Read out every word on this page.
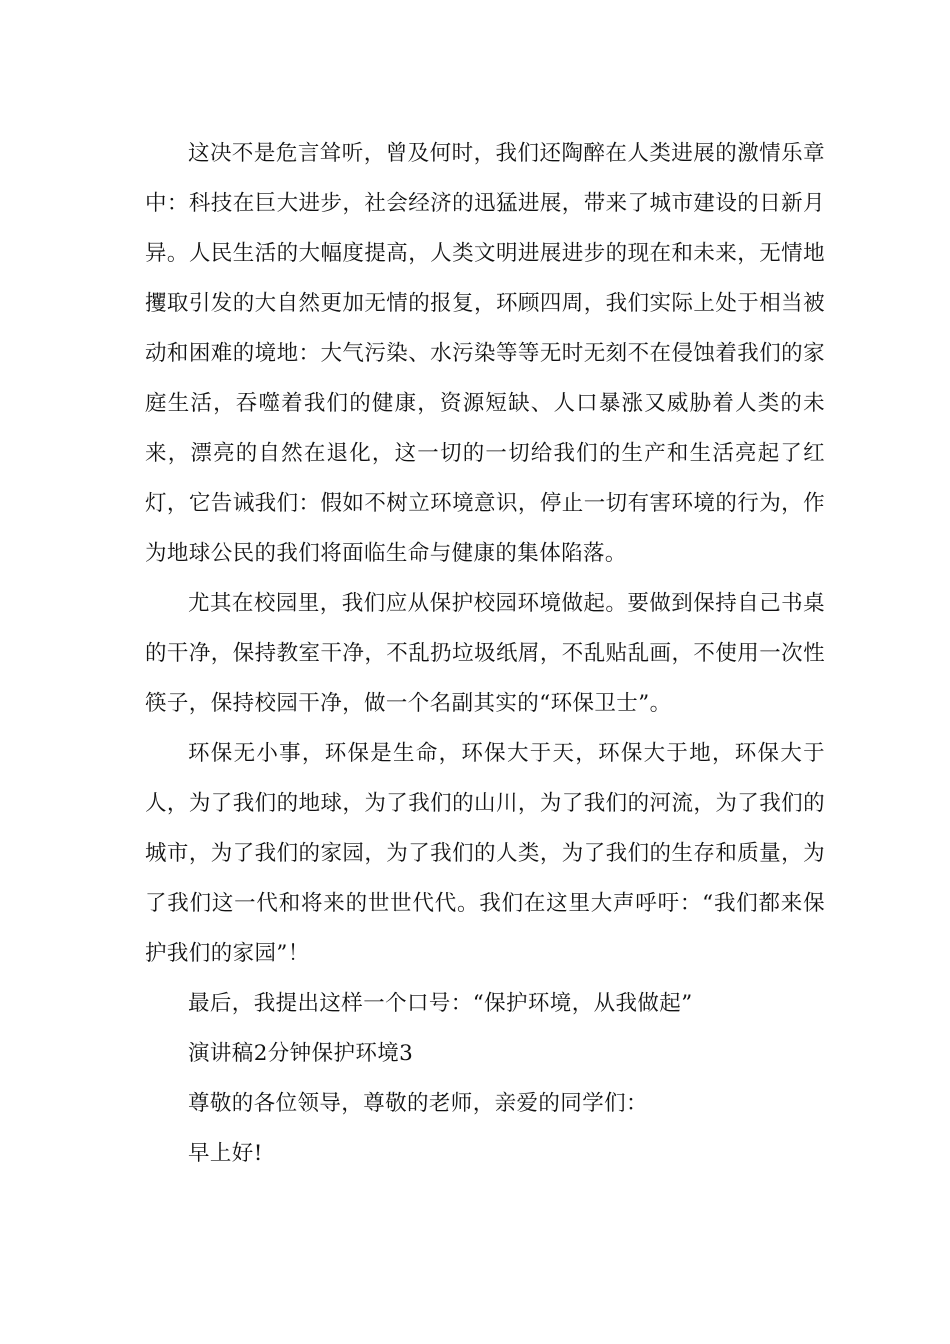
这决不是危言耸听，曾及何时，我们还陶醉在人类进展的激情乐章中：科技在巨大进步，社会经济的迅猛进展，带来了城市建设的日新月异。人民生活的大幅度提高，人类文明进展进步的现在和未来，无情地攫取引发的大自然更加无情的报复，环顾四周，我们实际上处于相当被动和困难的境地：大气污染、水污染等等无时无刻不在侵蚀着我们的家庭生活，吞噬着我们的健康，资源短缺、人口暴涨又威胁着人类的未来，漂亮的自然在退化，这一切的一切给我们的生产和生活亮起了红灯，它告诫我们：假如不树立环境意识，停止一切有害环境的行为，作为地球公民的我们将面临生命与健康的集体陷落。

尤其在校园里，我们应从保护校园环境做起。要做到保持自己书桌的干净，保持教室干净，不乱扔垃圾纸屑，不乱贴乱画，不使用一次性筷子，保持校园干净，做一个名副其实的“环保卫士”。

环保无小事，环保是生命，环保大于天，环保大于地，环保大于人，为了我们的地球，为了我们的山川，为了我们的河流，为了我们的城市，为了我们的家园，为了我们的人类，为了我们的生存和质量，为了我们这一代和将来的世世代代。我们在这里大声呼吁：“我们都来保护我们的家园”！

最后，我提出这样一个口号：“保护环境，从我做起”

演讲稿2分钟保护环境3

尊敬的各位领导，尊敬的老师，亲爱的同学们：

早上好!
